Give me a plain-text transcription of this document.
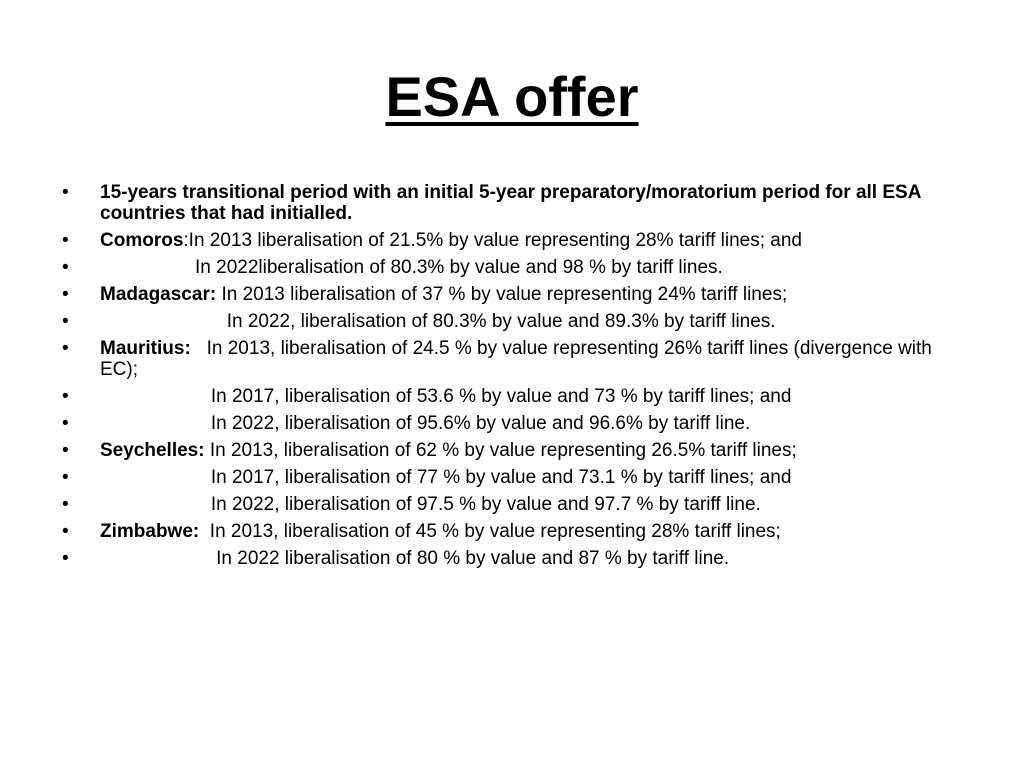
ESA offer
•	15-years transitional period with an initial 5-year preparatory/moratorium period for all ESA countries that had initialled.
•	Comoros:In 2013 liberalisation of 21.5% by value representing 28% tariff lines; and
•	In 2022liberalisation of 80.3% by value and 98 % by tariff lines.
•	Madagascar: In 2013 liberalisation of 37 % by value representing 24% tariff lines;
•	In 2022, liberalisation of 80.3% by value and 89.3% by tariff lines.
•	Mauritius:   In 2013, liberalisation of 24.5 % by value representing 26% tariff lines (divergence with EC);
•	In 2017, liberalisation of 53.6 % by value and 73 % by tariff lines; and
•	In 2022, liberalisation of 95.6% by value and 96.6% by tariff line.
•	Seychelles: In 2013, liberalisation of 62 % by value representing 26.5% tariff lines;
•	In 2017, liberalisation of 77 % by value and 73.1 % by tariff lines; and
•	In 2022, liberalisation of 97.5 % by value and 97.7 % by tariff line.
•	Zimbabwe:  In 2013, liberalisation of 45 % by value representing 28% tariff lines;
•	In 2022 liberalisation of 80 % by value and 87 % by tariff line.
